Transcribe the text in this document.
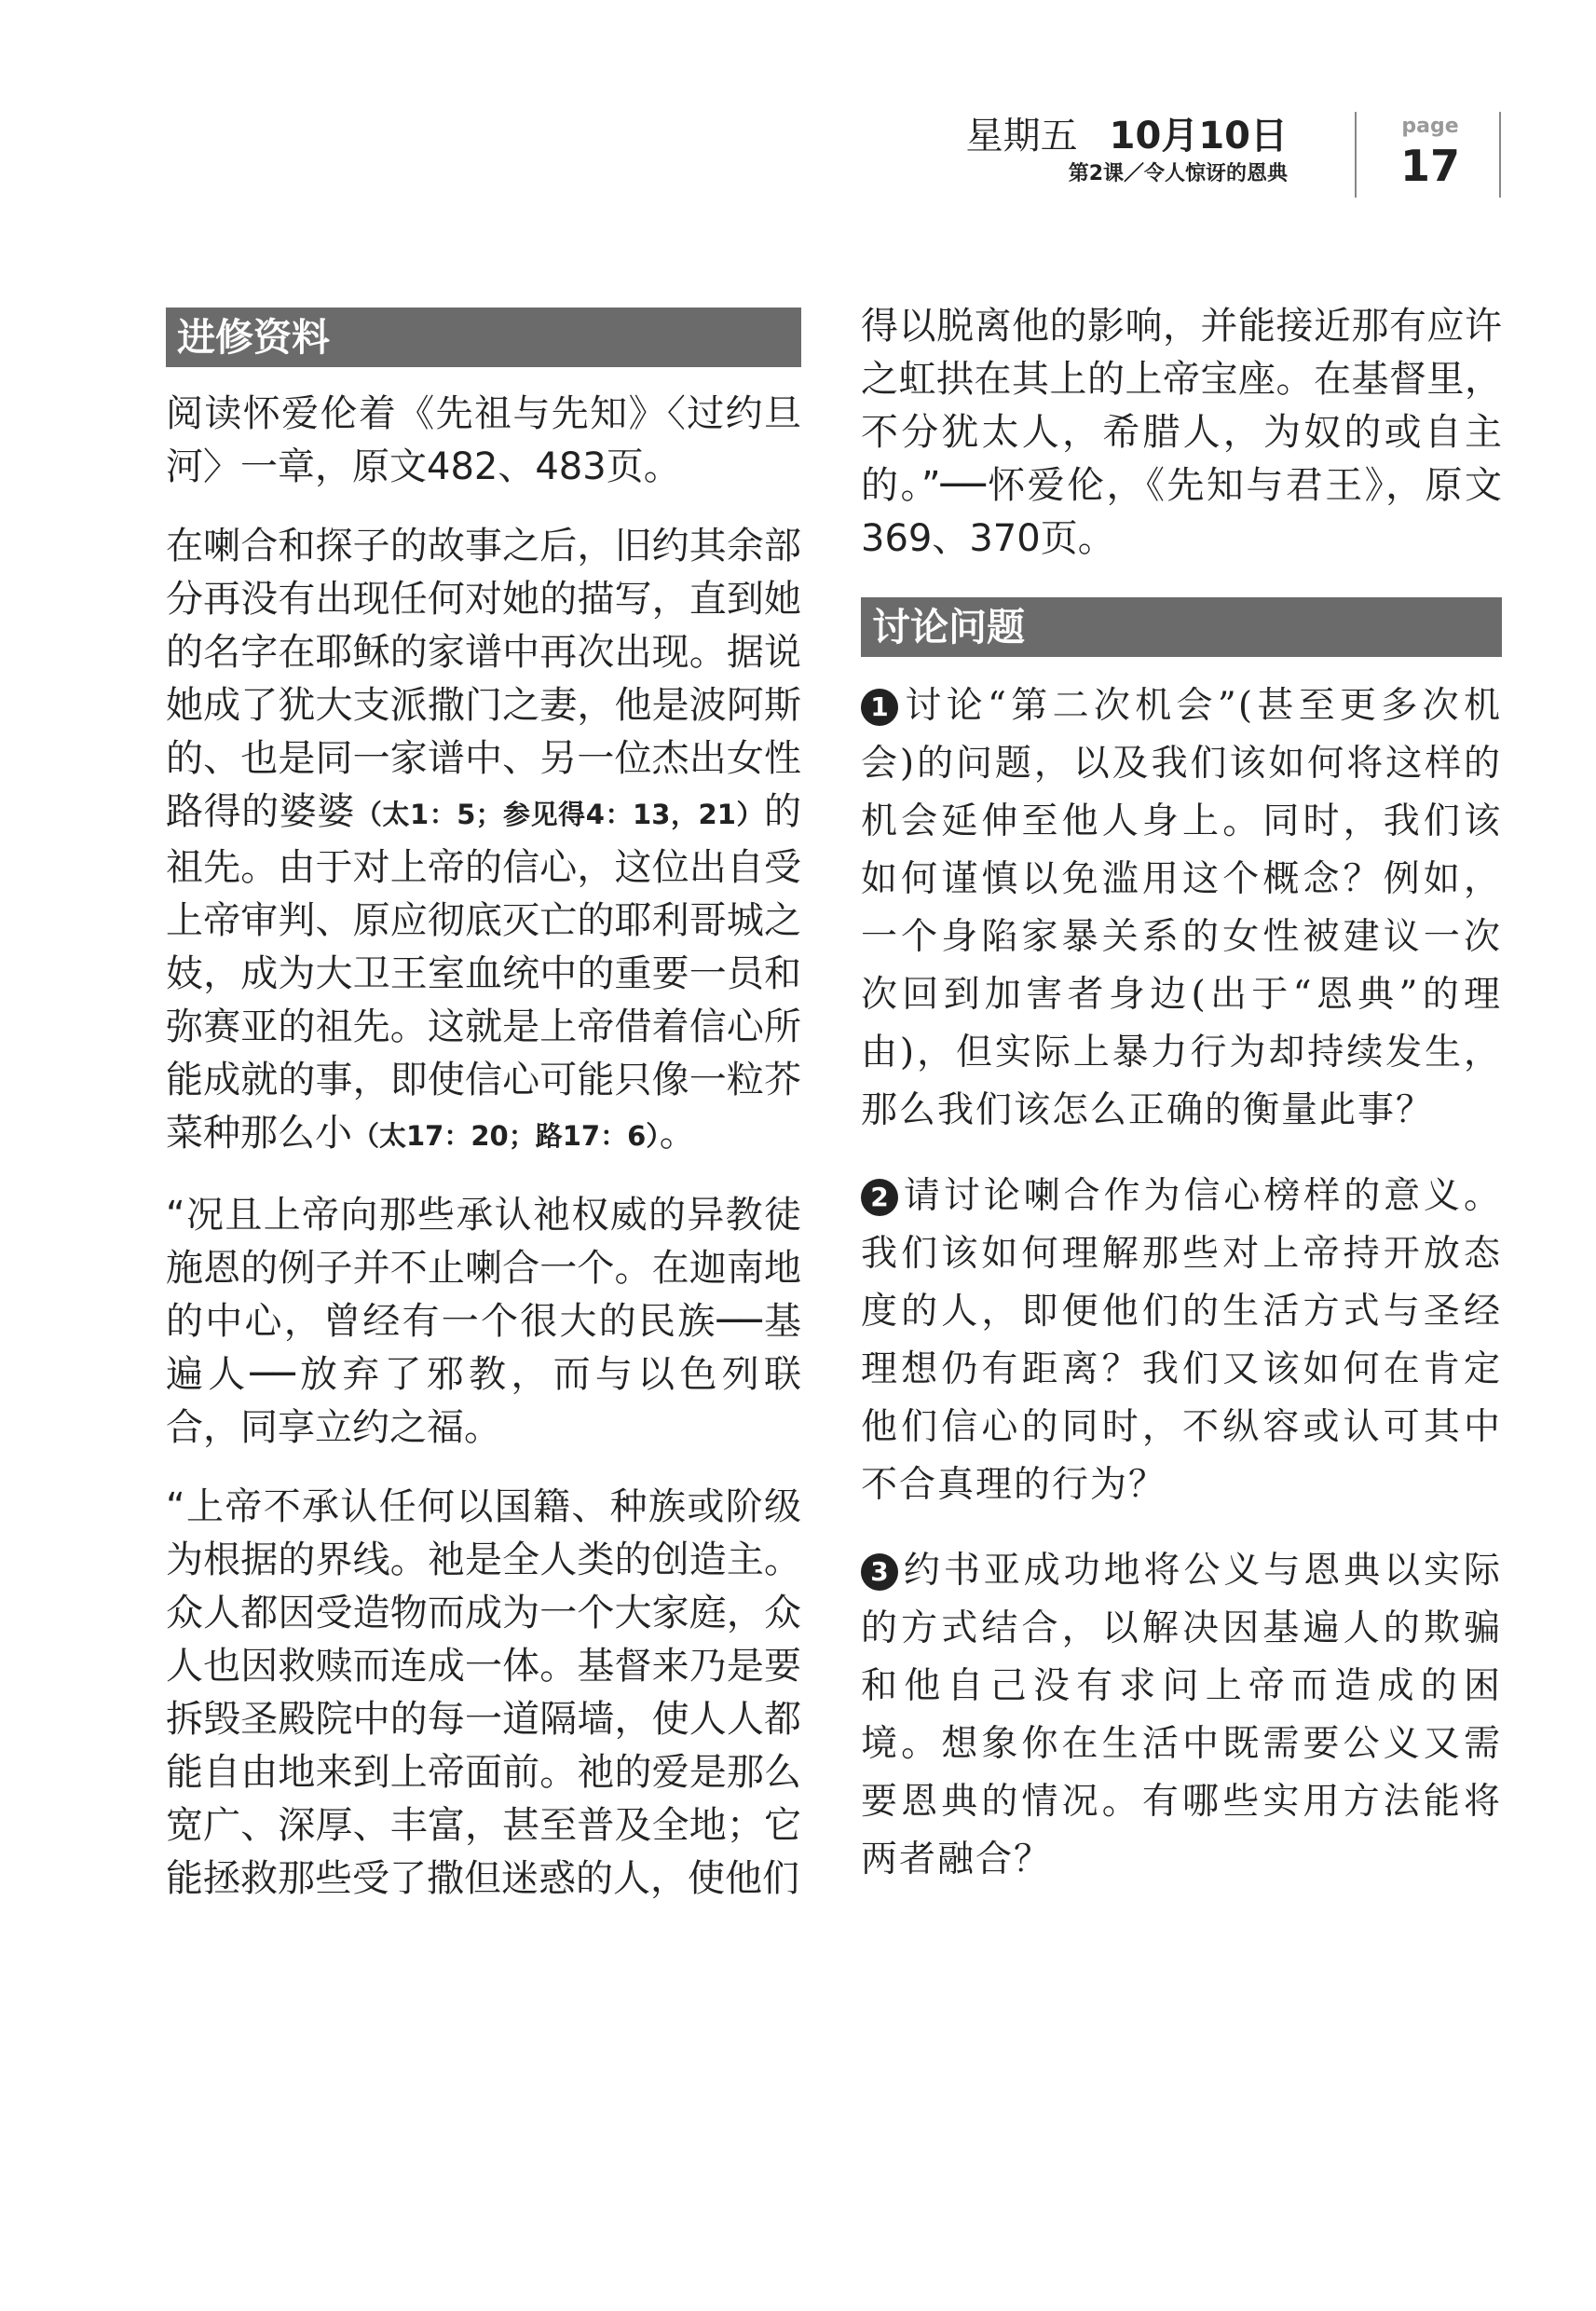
星期五 10月10日
第2课／令人惊讶的恩典
page
17
进修资料

阅读怀爱伦着《先祖与先知》〈过约旦河〉一章，原文482、483页。

在喇合和探子的故事之后，旧约其余部分再没有出现任何对她的描写，直到她的名字在耶稣的家谱中再次出现。据说她成了犹大支派撒门之妻，他是波阿斯的、也是同一家谱中、另一位杰出女性路得的婆婆（太1：5；参见得4：13，21）的祖先。由于对上帝的信心，这位出自受上帝审判、原应彻底灭亡的耶利哥城之妓，成为大卫王室血统中的重要一员和弥赛亚的祖先。这就是上帝借着信心所能成就的事，即使信心可能只像一粒芥菜种那么小（太17：20；路17：6）。

“况且上帝向那些承认祂权威的异教徒施恩的例子并不止喇合一个。在迦南地的中心，曾经有一个很大的民族──基遍人──放弃了邪教，而与以色列联合，同享立约之福。

“上帝不承认任何以国籍、种族或阶级为根据的界线。祂是全人类的创造主。众人都因受造物而成为一个大家庭，众人也因救赎而连成一体。基督来乃是要拆毁圣殿院中的每一道隔墙，使人人都能自由地来到上帝面前。祂的爱是那么宽广、深厚、丰富，甚至普及全地；它能拯救那些受了撒但迷惑的人，使他们

得以脱离他的影响，并能接近那有应许之虹拱在其上的上帝宝座。在基督里，不分犹太人，希腊人，为奴的或自主的。”──怀爱伦，《先知与君王》，原文369、370页。

讨论问题

1 讨论“第二次机会”(甚至更多次机会)的问题，以及我们该如何将这样的机会延伸至他人身上。同时，我们该如何谨慎以免滥用这个概念？例如，一个身陷家暴关系的女性被建议一次次回到加害者身边(出于“恩典”的理由)，但实际上暴力行为却持续发生，那么我们该怎么正确的衡量此事？

2 请讨论喇合作为信心榜样的意义。我们该如何理解那些对上帝持开放态度的人，即便他们的生活方式与圣经理想仍有距离？我们又该如何在肯定他们信心的同时，不纵容或认可其中不合真理的行为？

3 约书亚成功地将公义与恩典以实际的方式结合，以解决因基遍人的欺骗和他自己没有求问上帝而造成的困境。想象你在生活中既需要公义又需要恩典的情况。有哪些实用方法能将两者融合？
